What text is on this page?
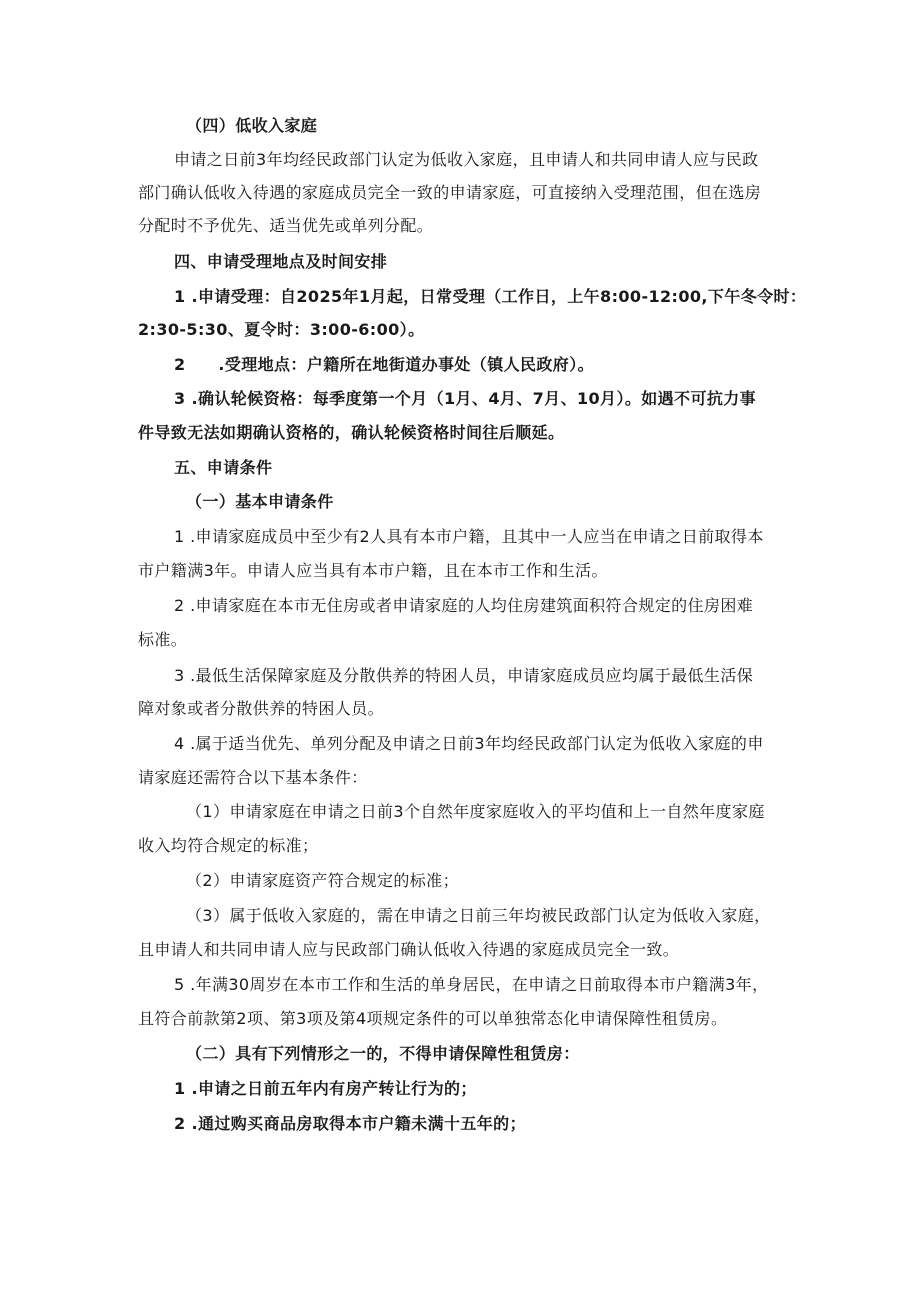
（四）低收入家庭
申请之日前3年均经民政部门认定为低收入家庭，且申请人和共同申请人应与民政
部门确认低收入待遇的家庭成员完全一致的申请家庭，可直接纳入受理范围，但在选房
分配时不予优先、适当优先或单列分配。
四、申请受理地点及时间安排
1 .申请受理：自2025年1月起，日常受理（工作日，上午8:00-12:00,下午冬令时：
2:30-5:30、夏令时：3:00-6:00）。
2　　.受理地点：户籍所在地街道办事处（镇人民政府）。
3 .确认轮候资格：每季度第一个月（1月、4月、7月、10月）。如遇不可抗力事
件导致无法如期确认资格的，确认轮候资格时间往后顺延。
五、申请条件
（一）基本申请条件
1 .申请家庭成员中至少有2人具有本市户籍，且其中一人应当在申请之日前取得本
市户籍满3年。申请人应当具有本市户籍，且在本市工作和生活。
2 .申请家庭在本市无住房或者申请家庭的人均住房建筑面积符合规定的住房困难
标准。
3 .最低生活保障家庭及分散供养的特困人员，申请家庭成员应均属于最低生活保
障对象或者分散供养的特困人员。
4 .属于适当优先、单列分配及申请之日前3年均经民政部门认定为低收入家庭的申
请家庭还需符合以下基本条件：
（1）申请家庭在申请之日前3个自然年度家庭收入的平均值和上一自然年度家庭
收入均符合规定的标准；
（2）申请家庭资产符合规定的标准；
（3）属于低收入家庭的，需在申请之日前三年均被民政部门认定为低收入家庭，
且申请人和共同申请人应与民政部门确认低收入待遇的家庭成员完全一致。
5 .年满30周岁在本市工作和生活的单身居民，在申请之日前取得本市户籍满3年，
且符合前款第2项、第3项及第4项规定条件的可以单独常态化申请保障性租赁房。
（二）具有下列情形之一的，不得申请保障性租赁房：
1 .申请之日前五年内有房产转让行为的；
2 .通过购买商品房取得本市户籍未满十五年的；
